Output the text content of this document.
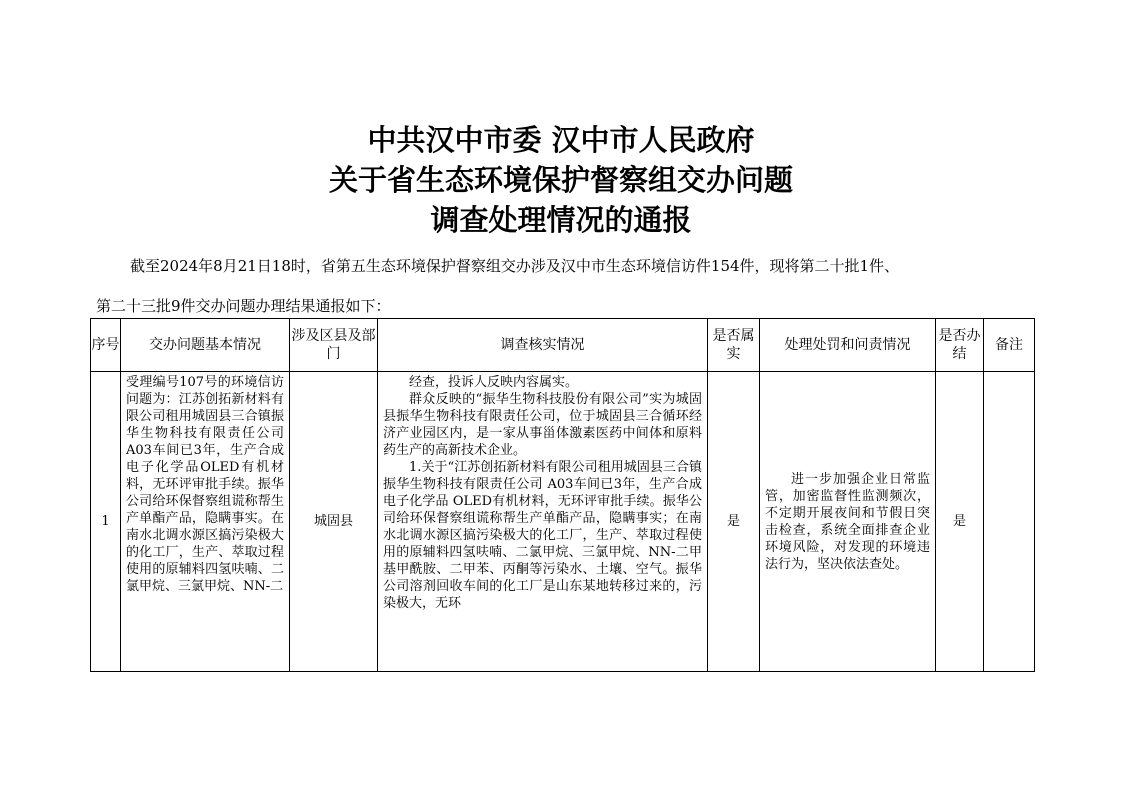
中共汉中市委 汉中市人民政府
关于省生态环境保护督察组交办问题
调查处理情况的通报
截至2024年8月21日18时，省第五生态环境保护督察组交办涉及汉中市生态环境信访件154件，现将第二十批1件、
第二十三批9件交办问题办理结果通报如下：
序号	交办问题基本情况	涉及区县及部门	调查核实情况	是否属实	处理处罚和问责情况	是否办结	备注
1	受理编号107号的环境信访问题为：江苏创拓新材料有限公司租用城固县三合镇振华生物科技有限责任公司A03车间已3年，生产合成电子化学品OLED有机材料，无环评审批手续。振华公司给环保督察组谎称帮生产单酯产品，隐瞒事实。在南水北调水源区搞污染极大的化工厂，生产、萃取过程使用的原辅料四氢呋喃、二氯甲烷、三氯甲烷、NN-二	城固县	经查，投诉人反映内容属实。

群众反映的“振华生物科技股份有限公司”实为城固县振华生物科技有限责任公司，位于城固县三合循环经济产业园区内，是一家从事甾体激素医药中间体和原料药生产的高新技术企业。

1.关于“江苏创拓新材料有限公司租用城固县三合镇振华生物科技有限责任公司 A03车间已3年，生产合成电子化学品 OLED有机材料，无环评审批手续。振华公司给环保督察组谎称帮生产单酯产品，隐瞒事实；在南水北调水源区搞污染极大的化工厂，生产、萃取过程使用的原辅料四氢呋喃、二氯甲烷、三氯甲烷、NN-二甲基甲酰胺、二甲苯、丙酮等污染水、土壤、空气。振华公司溶剂回收车间的化工厂是山东某地转移过来的，污染极大，无环	是	进一步加强企业日常监管，加密监督性监测频次，不定期开展夜间和节假日突击检查，系统全面排查企业环境风险，对发现的环境违法行为，坚决依法查处。	是	
